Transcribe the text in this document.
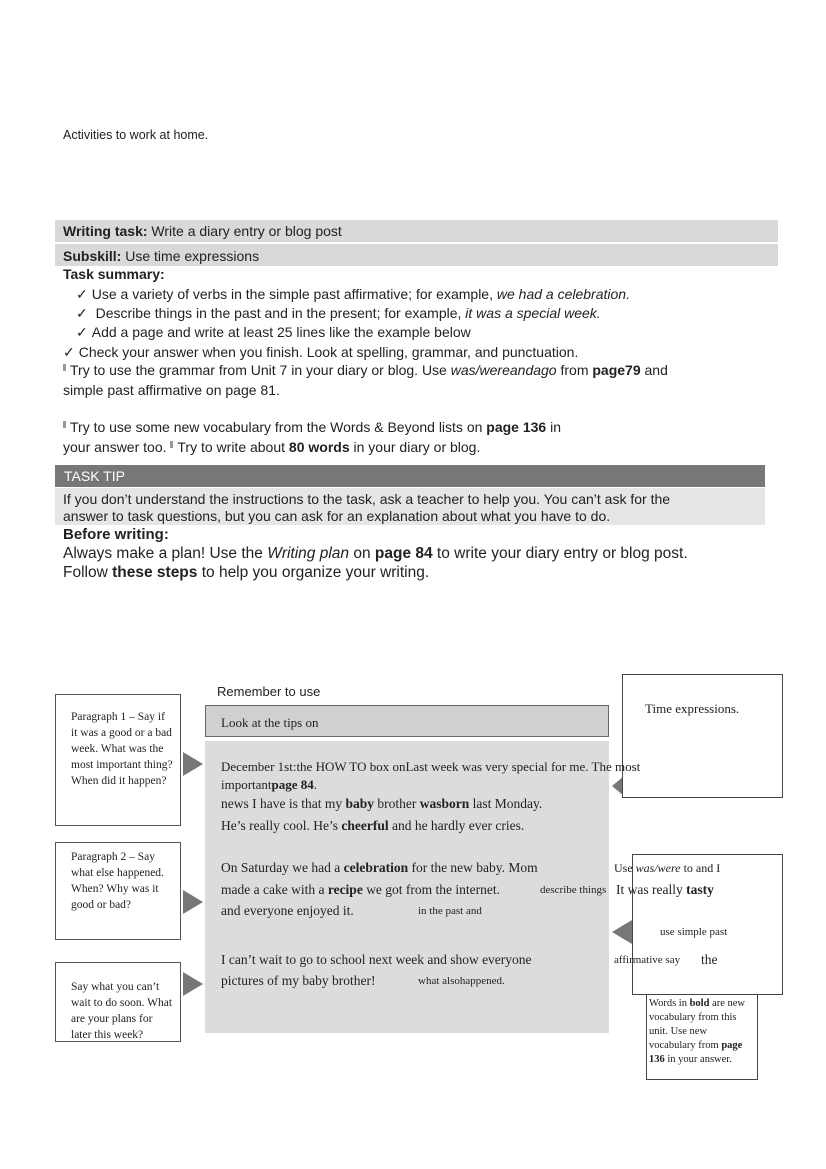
Activities to work at home.
Writing task: Write a diary entry or blog post
Subskill: Use time expressions
Task summary:
✓ Use a variety of verbs in the simple past affirmative; for example, we had a celebration.
✓ Describe things in the past and in the present; for example, it was a special week.
✓ Add a page and write at least 25 lines like the example below
✓ Check your answer when you finish. Look at spelling, grammar, and punctuation.
Try to use the grammar from Unit 7 in your diary or blog. Use was/wereandago from page79 and
simple past affirmative on page 81.
Try to use some new vocabulary from the Words & Beyond lists on page 136 in
your answer too. Try to write about 80 words in your diary or blog.
TASK TIP
If you don’t understand the instructions to the task, ask a teacher to help you. You can’t ask for the
answer to task questions, but you can ask for an explanation about what you have to do.
Before writing:
Always make a plan! Use the Writing plan on page 84 to write your diary entry or blog post.
Follow these steps to help you organize your writing.
Remember to use
Look at the tips on
Paragraph 1 – Say if it was a good or a bad week. What was the most important thing? When did it happen?
Paragraph 2 – Say what else happened. When? Why was it good or bad?
Say what you can’t wait to do soon. What are your plans for later this week?
Time expressions.
Words in bold are new vocabulary from this unit. Use new vocabulary from page 136 in your answer.
December 1st:the HOW TO box onLast week was very special for me. The most
importantpage 84.
news I have is that my baby brother wasborn last Monday.
He’s really cool. He’s cheerful and he hardly ever cries.
On Saturday we had a celebration for the new baby. Mom
made a cake with a recipe we got from the internet.	describe things
and everyone enjoyed it.	in the past and
I can’t wait to go to school next week and show everyone
pictures of my baby brother!	what alsohappened.
Use was/were to and I
It was really tasty
use simple past
affirmative say the
